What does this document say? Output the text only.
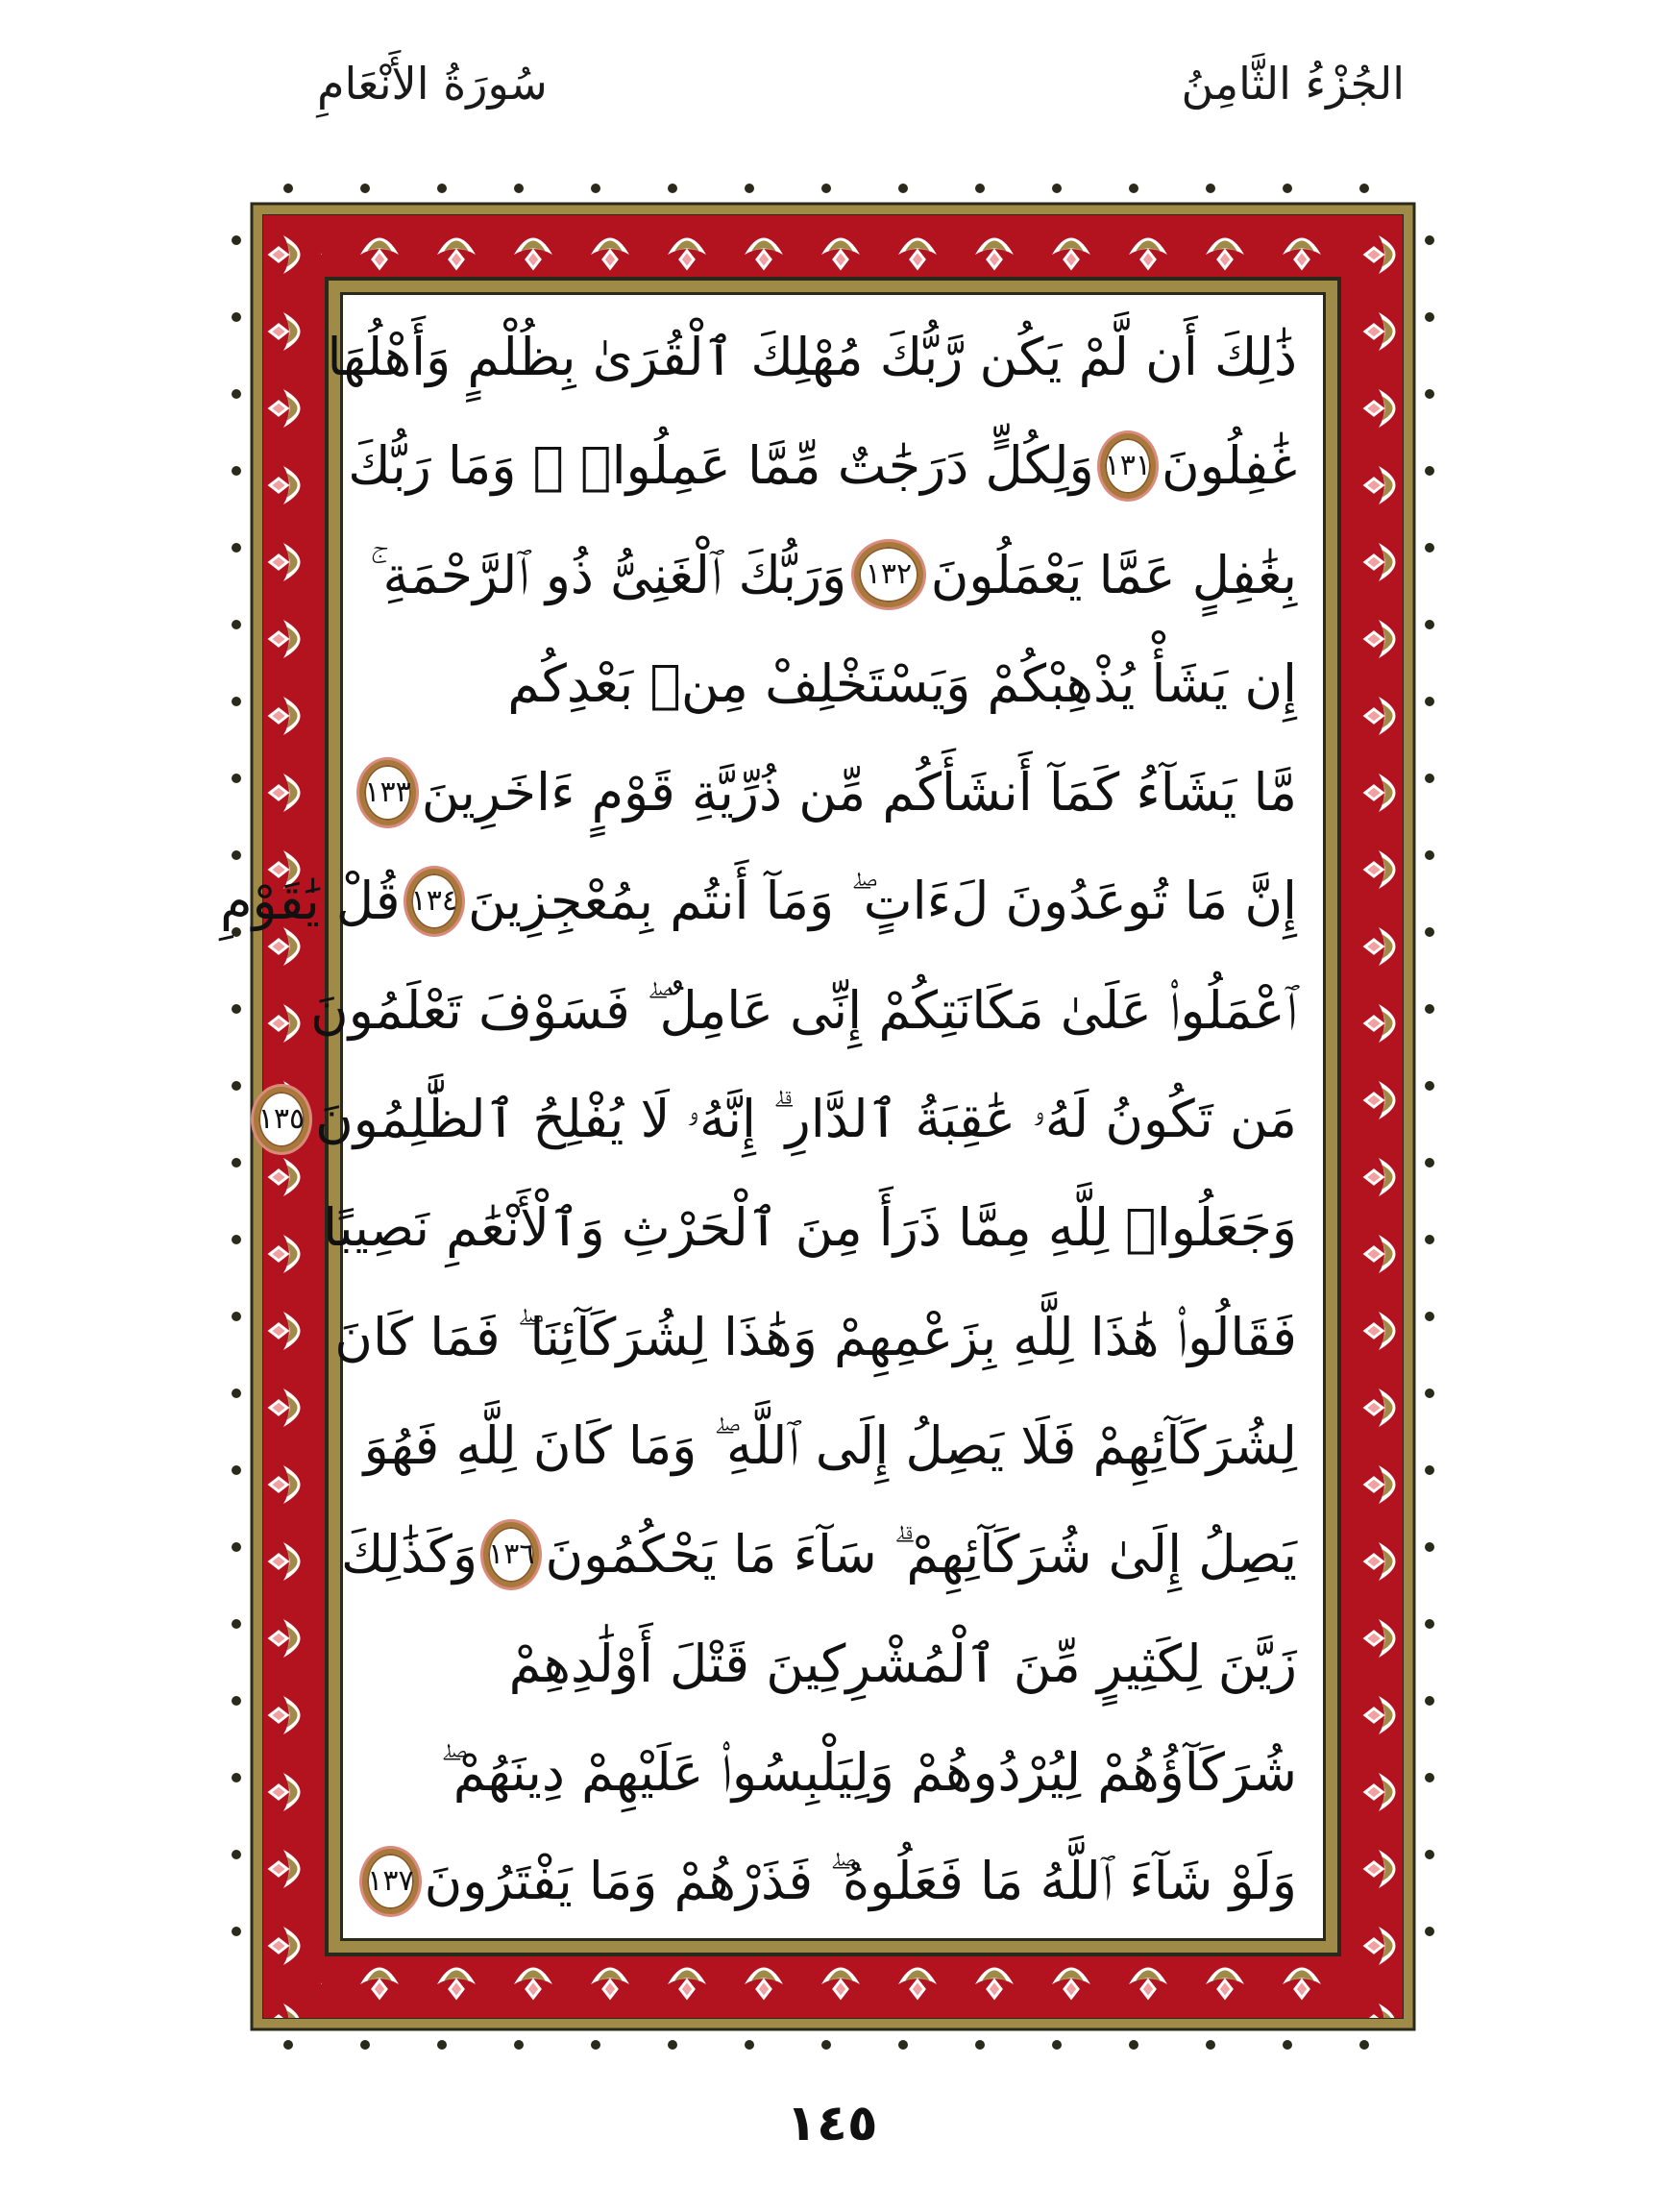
الجُزْءُ الثَّامِنُ
سُورَةُ الأَنْعَامِ
ذَٰلِكَ أَن لَّمْ يَكُن رَّبُّكَ مُهْلِكَ ٱلْقُرَىٰ بِظُلْمٍ وَأَهْلُهَا
غَٰفِلُونَ
١٣١
وَلِكُلٍّ دَرَجَٰتٌ مِّمَّا عَمِلُوا۟ ۚ وَمَا رَبُّكَ
بِغَٰفِلٍ عَمَّا يَعْمَلُونَ
١٣٢
وَرَبُّكَ ٱلْغَنِىُّ ذُو ٱلرَّحْمَةِ ۚ
إِن يَشَأْ يُذْهِبْكُمْ وَيَسْتَخْلِفْ مِنۢ بَعْدِكُم
مَّا يَشَآءُ كَمَآ أَنشَأَكُم مِّن ذُرِّيَّةِ قَوْمٍ ءَاخَرِينَ
١٣٣
إِنَّ مَا تُوعَدُونَ لَءَاتٍ ۖ وَمَآ أَنتُم بِمُعْجِزِينَ
١٣٤
قُلْ يَٰقَوْمِ
ٱعْمَلُوا۟ عَلَىٰ مَكَانَتِكُمْ إِنِّى عَامِلٌ ۖ فَسَوْفَ تَعْلَمُونَ
مَن تَكُونُ لَهُۥ عَٰقِبَةُ ٱلدَّارِ ۗ إِنَّهُۥ لَا يُفْلِحُ ٱلظَّٰلِمُونَ
١٣٥
وَجَعَلُوا۟ لِلَّهِ مِمَّا ذَرَأَ مِنَ ٱلْحَرْثِ وَٱلْأَنْعَٰمِ نَصِيبًا
فَقَالُوا۟ هَٰذَا لِلَّهِ بِزَعْمِهِمْ وَهَٰذَا لِشُرَكَآئِنَا ۖ فَمَا كَانَ
لِشُرَكَآئِهِمْ فَلَا يَصِلُ إِلَى ٱللَّهِ ۖ وَمَا كَانَ لِلَّهِ فَهُوَ
يَصِلُ إِلَىٰ شُرَكَآئِهِمْ ۗ سَآءَ مَا يَحْكُمُونَ
١٣٦
وَكَذَٰلِكَ
زَيَّنَ لِكَثِيرٍ مِّنَ ٱلْمُشْرِكِينَ قَتْلَ أَوْلَٰدِهِمْ
شُرَكَآؤُهُمْ لِيُرْدُوهُمْ وَلِيَلْبِسُوا۟ عَلَيْهِمْ دِينَهُمْ ۖ
وَلَوْ شَآءَ ٱللَّهُ مَا فَعَلُوهُ ۖ فَذَرْهُمْ وَمَا يَفْتَرُونَ
١٣٧
١٤٥
